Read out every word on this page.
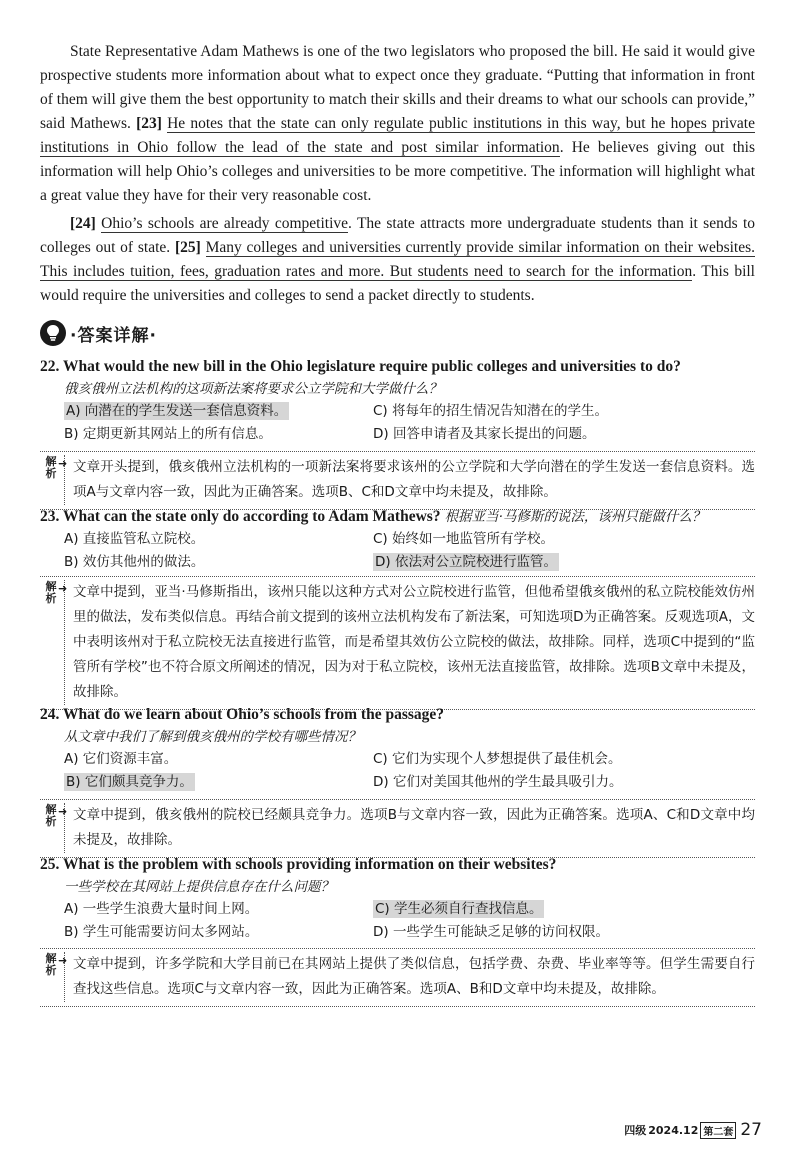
State Representative Adam Mathews is one of the two legislators who proposed the bill. He said it would give prospective students more information about what to expect once they graduate. “Putting that information in front of them will give them the best opportunity to match their skills and their dreams to what our schools can provide,” said Mathews. [23] He notes that the state can only regulate public institutions in this way, but he hopes private institutions in Ohio follow the lead of the state and post similar information. He believes giving out this information will help Ohio’s colleges and universities to be more competitive. The information will highlight what a great value they have for their very reasonable cost.

[24] Ohio’s schools are already competitive. The state attracts more undergraduate students than it sends to colleges out of state. [25] Many colleges and universities currently provide similar information on their websites. This includes tuition, fees, graduation rates and more. But students need to search for the information. This bill would require the universities and colleges to send a packet directly to students.

·答案详解·
22. What would the new bill in the Ohio legislature require public colleges and universities to do?
俄亥俄州立法机构的这项新法案将要求公立学院和大学做什么？
A) 向潜在的学生发送一套信息资料。	C) 将每年的招生情况告知潜在的学生。
B) 定期更新其网站上的所有信息。	D) 回答申请者及其家长提出的问题。
解析
➜ 文章开头提到，俄亥俄州立法机构的一项新法案将要求该州的公立学院和大学向潜在的学生发送一套信息资料。选项A与文章内容一致，因此为正确答案。选项B、C和D文章中均未提及，故排除。
23. What can the state only do according to Adam Mathews? 根据亚当·马修斯的说法，该州只能做什么？
A) 直接监管私立院校。	C) 始终如一地监管所有学校。
B) 效仿其他州的做法。	D) 依法对公立院校进行监管。
解析
➜ 文章中提到，亚当·马修斯指出，该州只能以这种方式对公立院校进行监管，但他希望俄亥俄州的私立院校能效仿州里的做法，发布类似信息。再结合前文提到的该州立法机构发布了新法案，可知选项D为正确答案。反观选项A，文中表明该州对于私立院校无法直接进行监管，而是希望其效仿公立院校的做法，故排除。同样，选项C中提到的“监管所有学校”也不符合原文所阐述的情况，因为对于私立院校，该州无法直接监管，故排除。选项B文章中未提及，故排除。
24. What do we learn about Ohio’s schools from the passage?
从文章中我们了解到俄亥俄州的学校有哪些情况？
A) 它们资源丰富。	C) 它们为实现个人梦想提供了最佳机会。
B) 它们颇具竞争力。	D) 它们对美国其他州的学生最具吸引力。
解析
➜ 文章中提到，俄亥俄州的院校已经颇具竞争力。选项B与文章内容一致，因此为正确答案。选项A、C和D文章中均未提及，故排除。
25. What is the problem with schools providing information on their websites?
一些学校在其网站上提供信息存在什么问题？
A) 一些学生浪费大量时间上网。	C) 学生必须自行查找信息。
B) 学生可能需要访问太多网站。	D) 一些学生可能缺乏足够的访问权限。
解析
➜ 文章中提到，许多学院和大学目前已在其网站上提供了类似信息，包括学费、杂费、毕业率等等。但学生需要自行查找这些信息。选项C与文章内容一致，因此为正确答案。选项A、B和D文章中均未提及，故排除。
四级 2024.12 第二套 27
